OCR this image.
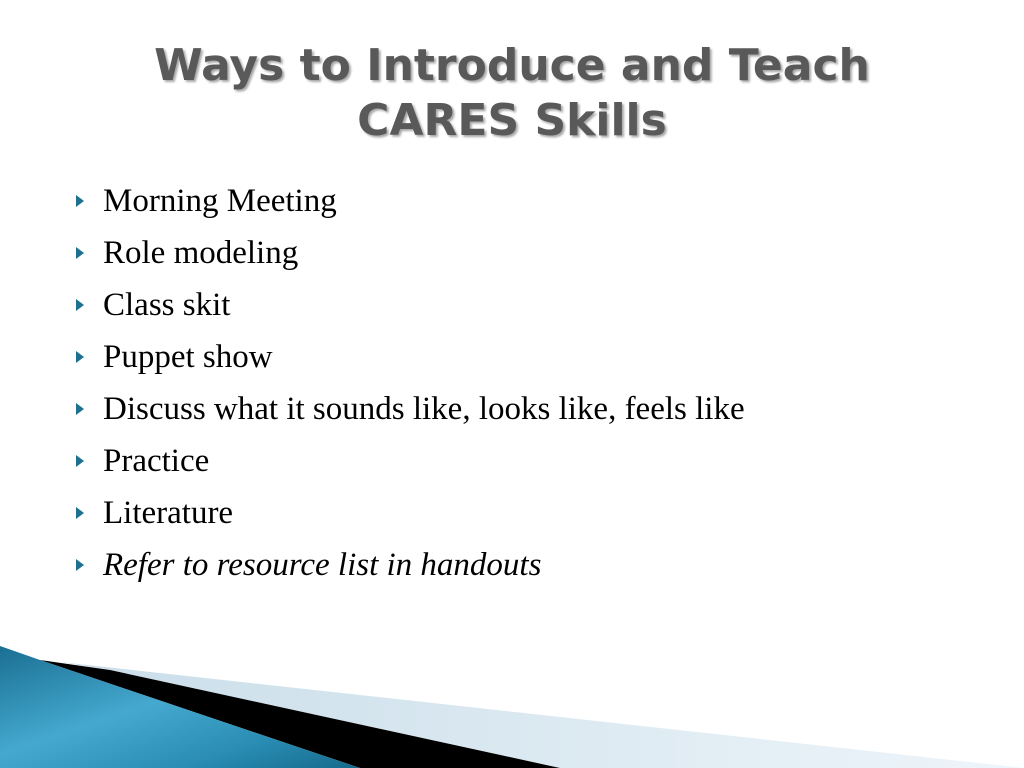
Ways to Introduce and Teach
CARES Skills
Morning Meeting
Role modeling
Class skit
Puppet show
Discuss what it sounds like, looks like, feels like
Practice
Literature
Refer to resource list in handouts
